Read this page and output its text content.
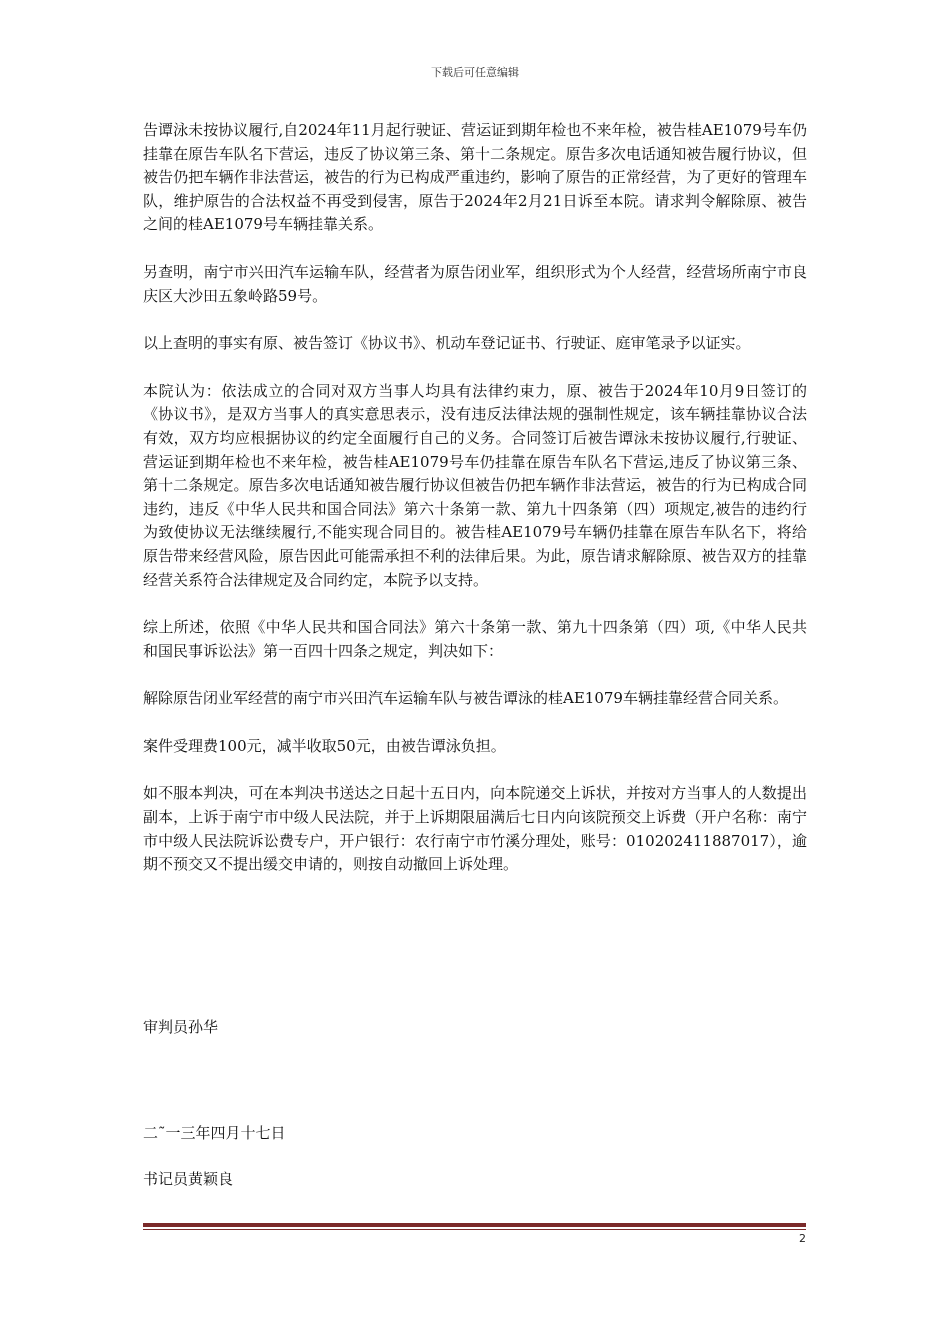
下载后可任意编辑

告谭泳未按协议履行,自2024年11月起行驶证、营运证到期年检也不来年检，被告桂AE1079号车仍挂靠在原告车队名下营运，违反了协议第三条、第十二条规定。原告多次电话通知被告履行协议，但被告仍把车辆作非法营运，被告的行为已构成严重违约，影响了原告的正常经营，为了更好的管理车队，维护原告的合法权益不再受到侵害，原告于2024年2月21日诉至本院。请求判令解除原、被告之间的桂AE1079号车辆挂靠关系。

另查明，南宁市兴田汽车运输车队，经营者为原告闭业军，组织形式为个人经营，经营场所南宁市良庆区大沙田五象岭路59号。

以上查明的事实有原、被告签订《协议书》、机动车登记证书、行驶证、庭审笔录予以证实。

本院认为：依法成立的合同对双方当事人均具有法律约束力，原、被告于2024年10月9日签订的《协议书》，是双方当事人的真实意思表示，没有违反法律法规的强制性规定，该车辆挂靠协议合法有效，双方均应根据协议的约定全面履行自己的义务。合同签订后被告谭泳未按协议履行,行驶证、营运证到期年检也不来年检，被告桂AE1079号车仍挂靠在原告车队名下营运,违反了协议第三条、第十二条规定。原告多次电话通知被告履行协议但被告仍把车辆作非法营运，被告的行为已构成合同违约，违反《中华人民共和国合同法》第六十条第一款、第九十四条第（四）项规定,被告的违约行为致使协议无法继续履行,不能实现合同目的。被告桂AE1079号车辆仍挂靠在原告车队名下，将给原告带来经营风险，原告因此可能需承担不利的法律后果。为此，原告请求解除原、被告双方的挂靠经营关系符合法律规定及合同约定，本院予以支持。

综上所述，依照《中华人民共和国合同法》第六十条第一款、第九十四条第（四）项,《中华人民共和国民事诉讼法》第一百四十四条之规定，判决如下：

解除原告闭业军经营的南宁市兴田汽车运输车队与被告谭泳的桂AE1079车辆挂靠经营合同关系。

案件受理费100元，减半收取50元，由被告谭泳负担。

如不服本判决，可在本判决书送达之日起十五日内，向本院递交上诉状，并按对方当事人的人数提出副本，上诉于南宁市中级人民法院，并于上诉期限届满后七日内向该院预交上诉费（开户名称：南宁市中级人民法院诉讼费专户，开户银行：农行南宁市竹溪分理处，账号：010202411887017），逾期不预交又不提出缓交申请的，则按自动撤回上诉处理。

审判员孙华
二˜一三年四月十七日
书记员黄颖良
2
